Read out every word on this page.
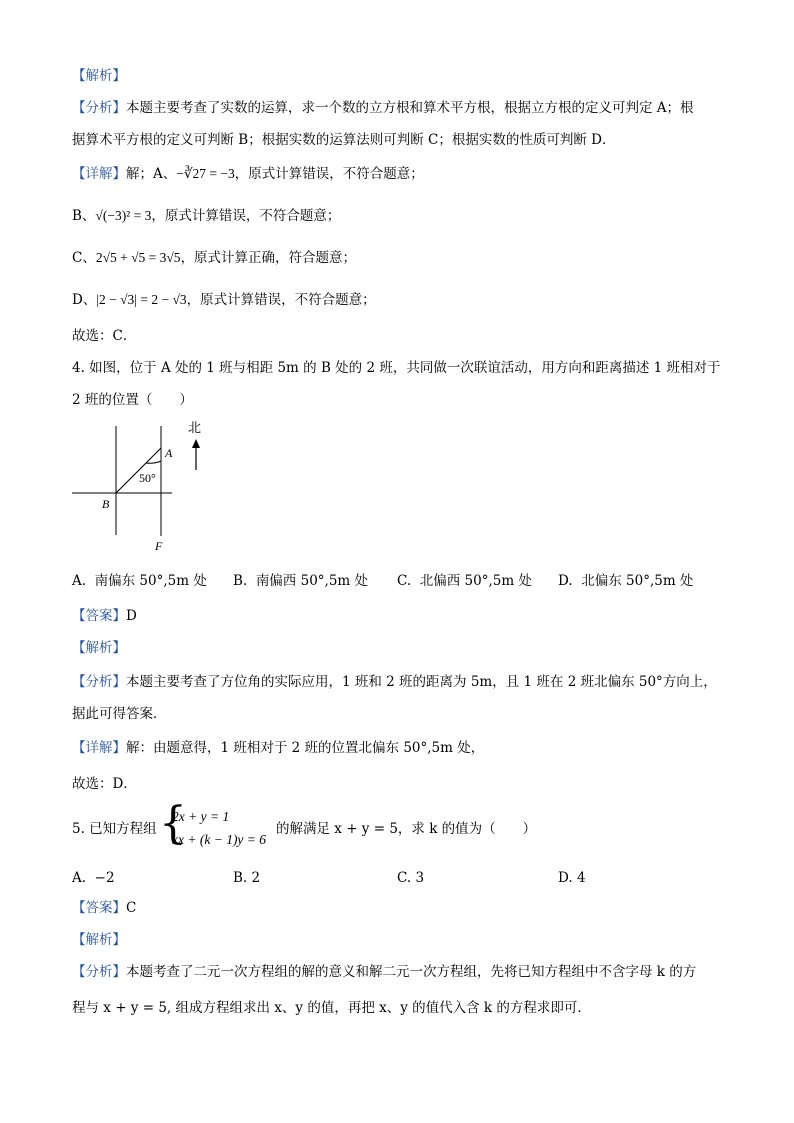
【解析】
【分析】本题主要考查了实数的运算，求一个数的立方根和算术平方根，根据立方根的定义可判定 A；根
据算术平方根的定义可判断 B；根据实数的运算法则可判断 C；根据实数的性质可判断 D．
【详解】解；A、−∛27 = −3，原式计算错误，不符合题意；
B、√(−3)² = 3，原式计算错误，不符合题意；
C、2√5 + √5 = 3√5，原式计算正确，符合题意；
D、|2 − √3| = 2 − √3，原式计算错误，不符合题意；
故选：C．
4. 如图，位于 A 处的 1 班与相距 5m 的 B 处的 2 班，共同做一次联谊活动，用方向和距离描述 1 班相对于
2 班的位置（　　）
50°
A
B
F
北
A. 南偏东 50°,5m 处 B. 南偏西 50°,5m 处 C. 北偏西 50°,5m 处 D. 北偏东 50°,5m 处
【答案】D
【解析】
【分析】本题主要考查了方位角的实际应用，1 班和 2 班的距离为 5m，且 1 班在 2 班北偏东 50°方向上，
据此可得答案．
【详解】解：由题意得，1 班相对于 2 班的位置北偏东 50°,5m 处，
故选：D．
5. 已知方程组 {
2x + y = 1
kx + (k − 1)y = 6
的解满足 x + y = 5，求 k 的值为（　　）
A. −2	B. 2	C. 3	D. 4
【答案】C
【解析】
【分析】本题考查了二元一次方程组的解的意义和解二元一次方程组，先将已知方程组中不含字母 k 的方
程与 x + y = 5, 组成方程组求出 x、y 的值，再把 x、y 的值代入含 k 的方程求即可．
